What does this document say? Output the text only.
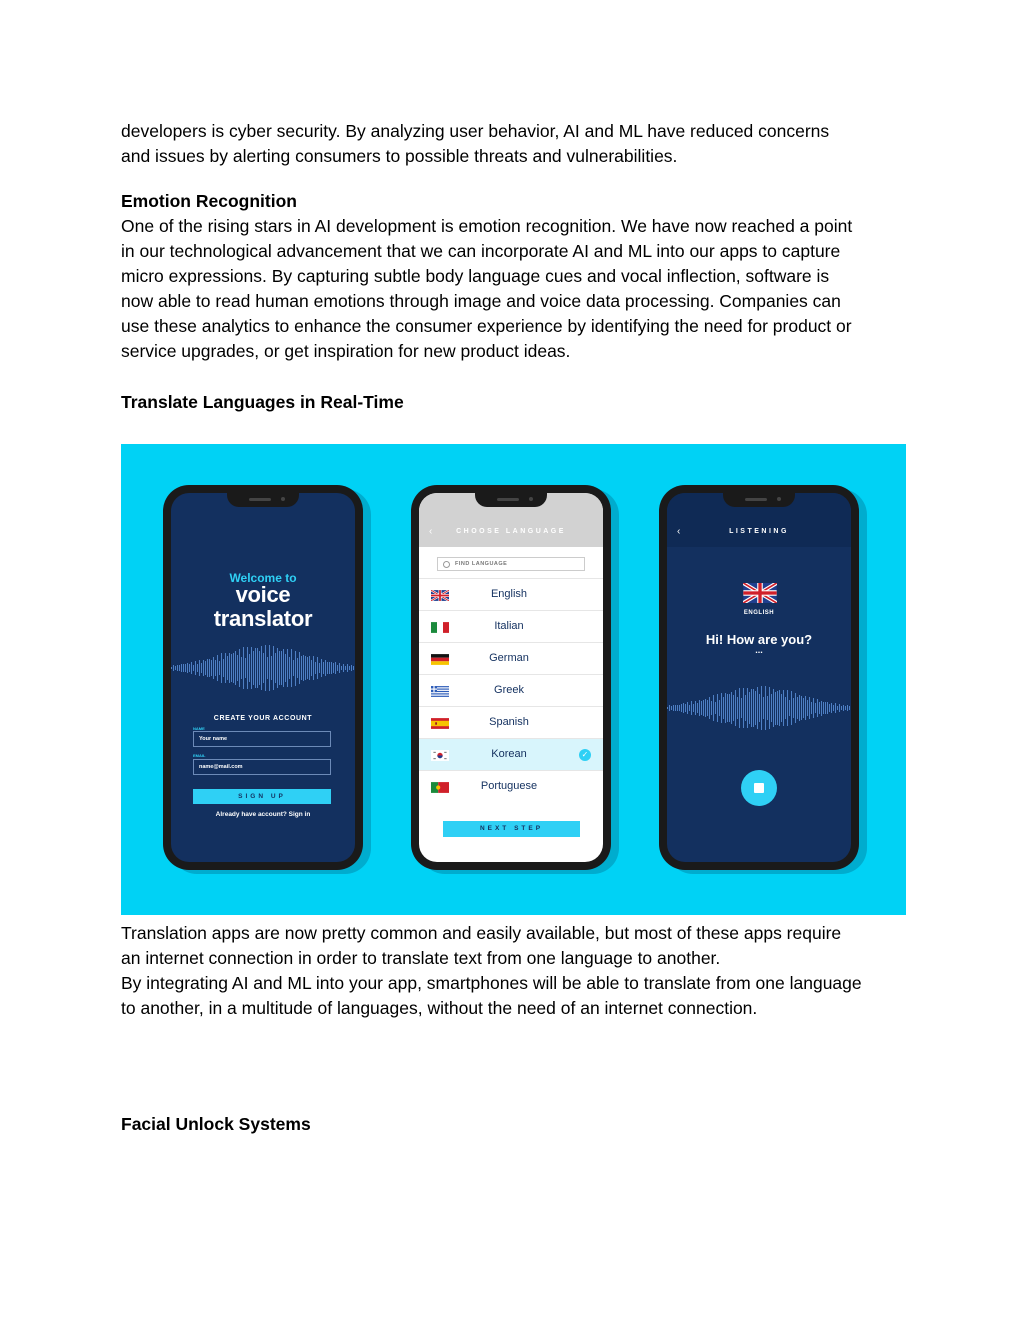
developers is cyber security. By analyzing user behavior, AI and ML have reduced concerns
and issues by alerting consumers to possible threats and vulnerabilities.

Emotion Recognition

One of the rising stars in AI development is emotion recognition. We have now reached a point
in our technological advancement that we can incorporate AI and ML into our apps to capture
micro expressions. By capturing subtle body language cues and vocal inflection, software is
now able to read human emotions through image and voice data processing. Companies can
use these analytics to enhance the consumer experience by identifying the need for product or
service upgrades, or get inspiration for new product ideas.

Translate Languages in Real-Time
Welcome to
voice
translator
CREATE YOUR ACCOUNT
NAME
Your name
EMAIL
name@mail.com
SIGN UP
Already have account? Sign in
‹	CHOOSE LANGUAGE
FIND LANGUAGE
English
Italian
German
Greek
Spanish
Korean	✓
Portuguese
NEXT STEP
‹	LISTENING
ENGLISH
Hi! How are you?
...

Translation apps are now pretty common and easily available, but most of these apps require
an internet connection in order to translate text from one language to another.
By integrating AI and ML into your app, smartphones will be able to translate from one language
to another, in a multitude of languages, without the need of an internet connection.

Facial Unlock Systems
